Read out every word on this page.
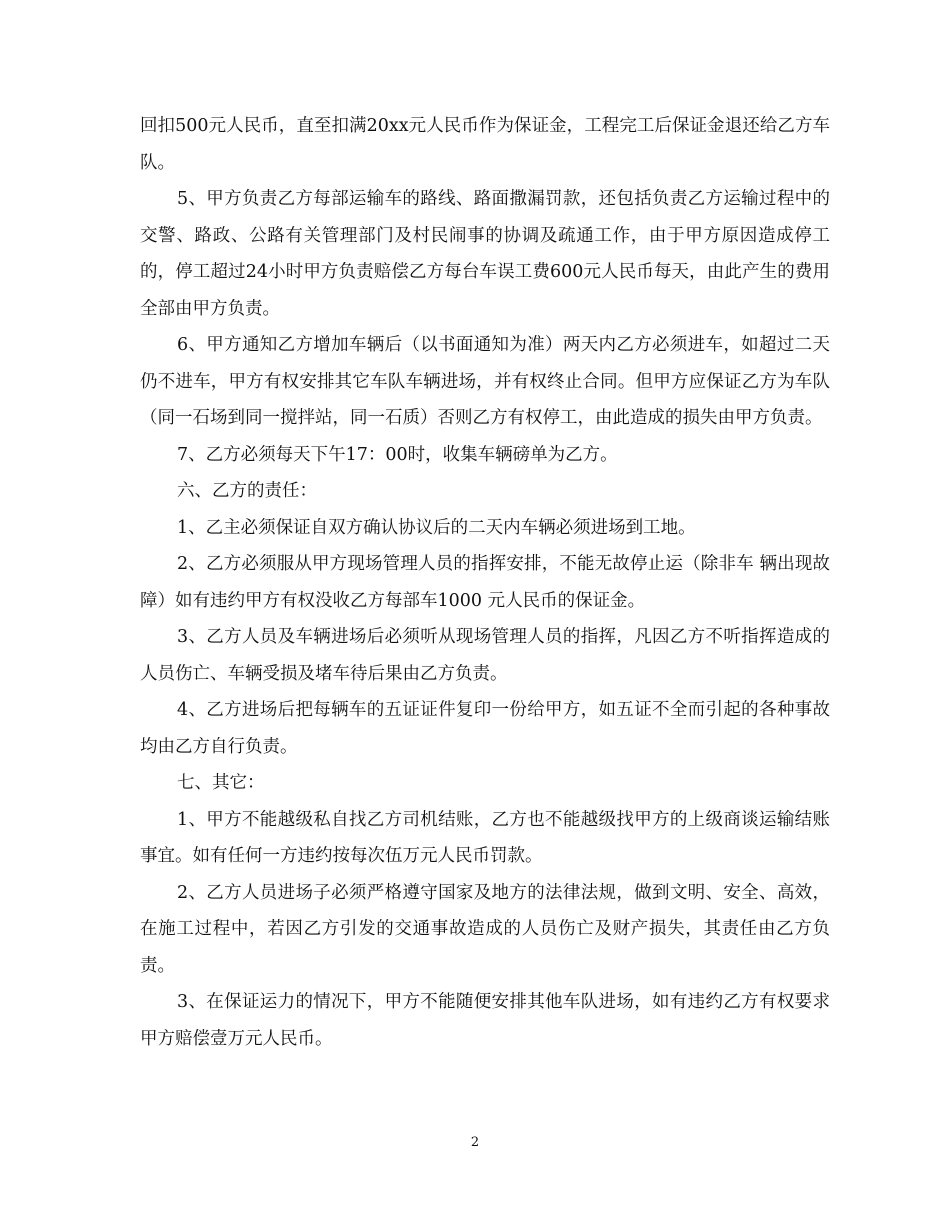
回扣500元人民币，直至扣满20xx元人民币作为保证金，工程完工后保证金退还给乙方车队。

5、甲方负责乙方每部运输车的路线、路面撒漏罚款，还包括负责乙方运输过程中的交警、路政、公路有关管理部门及村民闹事的协调及疏通工作，由于甲方原因造成停工的，停工超过24小时甲方负责赔偿乙方每台车误工费600元人民币每天，由此产生的费用全部由甲方负责。

6、甲方通知乙方增加车辆后（以书面通知为准）两天内乙方必须进车，如超过二天仍不进车，甲方有权安排其它车队车辆进场，并有权终止合同。但甲方应保证乙方为车队（同一石场到同一搅拌站，同一石质）否则乙方有权停工，由此造成的损失由甲方负责。

7、乙方必须每天下午17：00时，收集车辆磅单为乙方。

六、乙方的责任：

1、乙主必须保证自双方确认协议后的二天内车辆必须进场到工地。

2、乙方必须服从甲方现场管理人员的指挥安排，不能无故停止运（除非车 辆出现故障）如有违约甲方有权没收乙方每部车1000 元人民币的保证金。

3、乙方人员及车辆进场后必须听从现场管理人员的指挥，凡因乙方不听指挥造成的人员伤亡、车辆受损及堵车待后果由乙方负责。

4、乙方进场后把每辆车的五证证件复印一份给甲方，如五证不全而引起的各种事故均由乙方自行负责。

七、其它：

1、甲方不能越级私自找乙方司机结账，乙方也不能越级找甲方的上级商谈运输结账事宜。如有任何一方违约按每次伍万元人民币罚款。

2、乙方人员进场子必须严格遵守国家及地方的法律法规，做到文明、安全、高效，在施工过程中，若因乙方引发的交通事故造成的人员伤亡及财产损失，其责任由乙方负责。

3、在保证运力的情况下，甲方不能随便安排其他车队进场，如有违约乙方有权要求甲方赔偿壹万元人民币。

2
